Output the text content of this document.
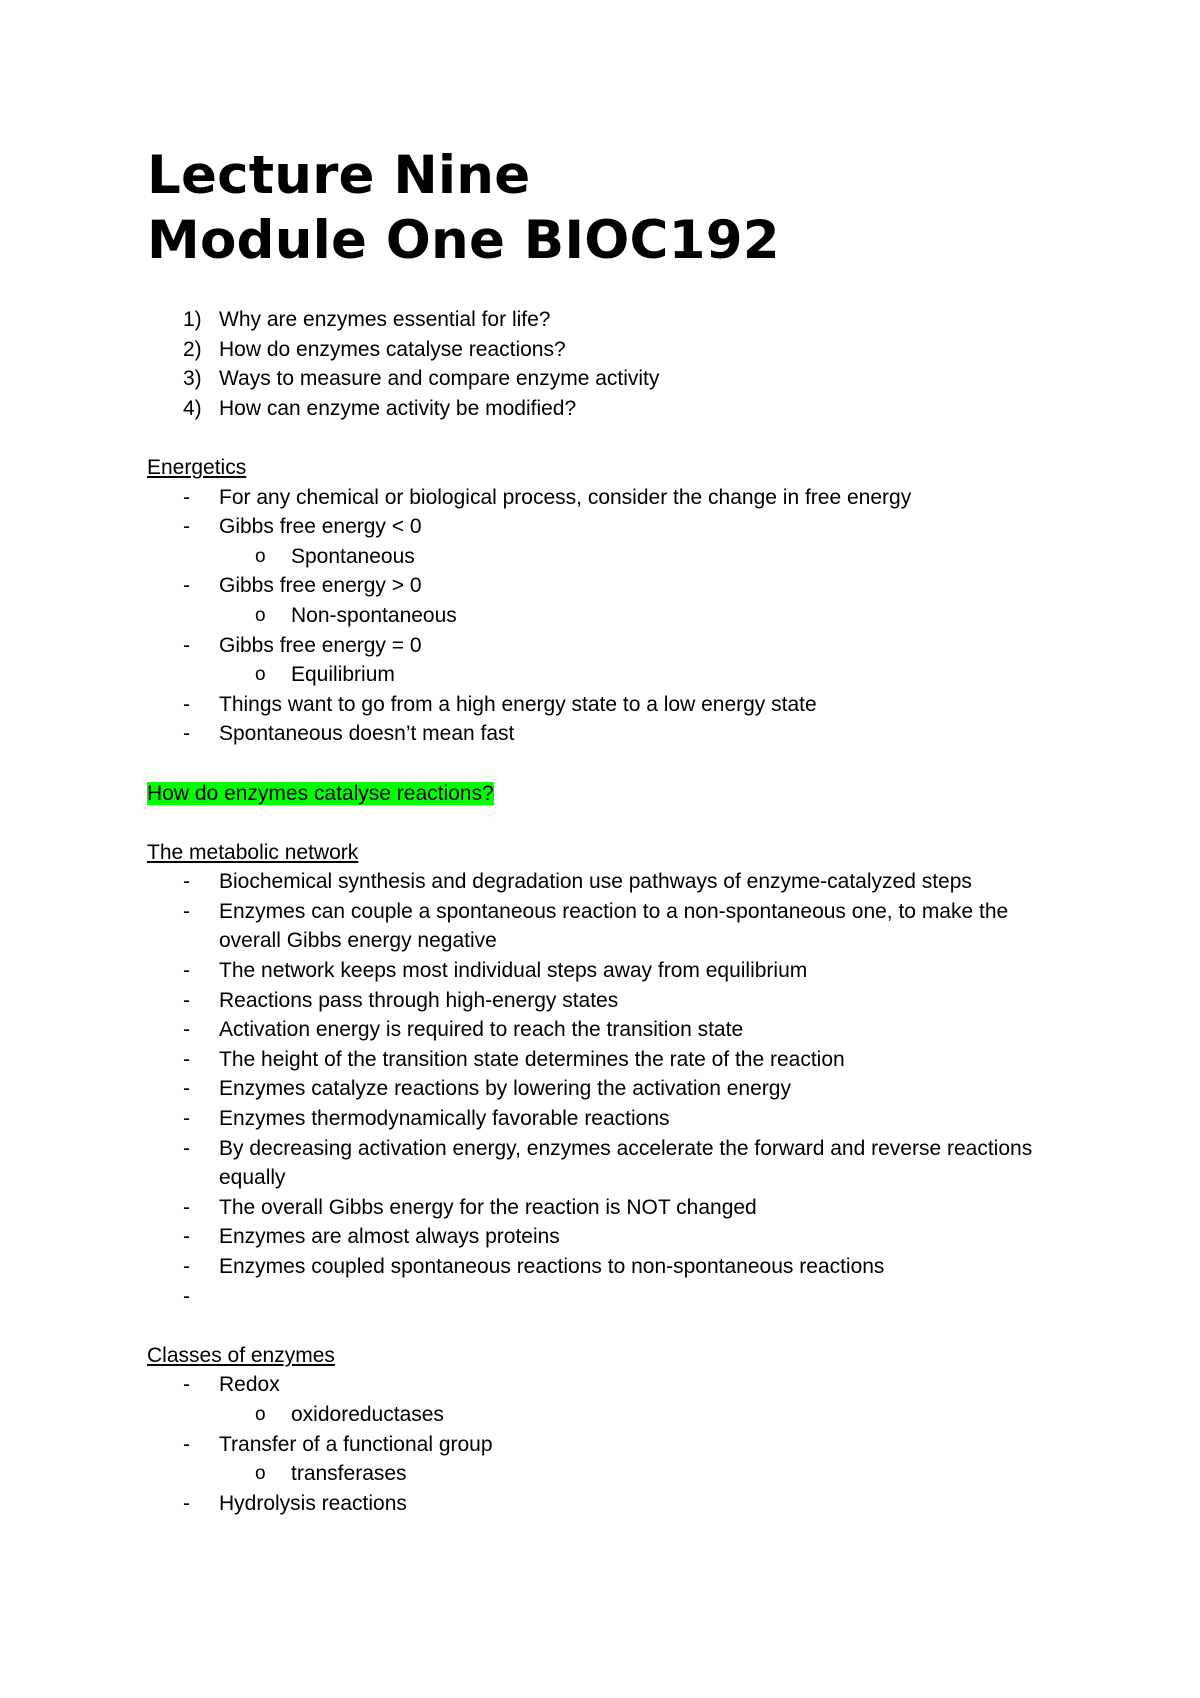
Lecture Nine
Module One BIOC192
1) Why are enzymes essential for life?
2) How do enzymes catalyse reactions?
3) Ways to measure and compare enzyme activity
4) How can enzyme activity be modified?
Energetics
- For any chemical or biological process, consider the change in free energy
- Gibbs free energy < 0
o Spontaneous
- Gibbs free energy > 0
o Non-spontaneous
- Gibbs free energy = 0
o Equilibrium
- Things want to go from a high energy state to a low energy state
- Spontaneous doesn’t mean fast
How do enzymes catalyse reactions?
The metabolic network
- Biochemical synthesis and degradation use pathways of enzyme-catalyzed steps
- Enzymes can couple a spontaneous reaction to a non-spontaneous one, to make the overall Gibbs energy negative
- The network keeps most individual steps away from equilibrium
- Reactions pass through high-energy states
- Activation energy is required to reach the transition state
- The height of the transition state determines the rate of the reaction
- Enzymes catalyze reactions by lowering the activation energy
- Enzymes thermodynamically favorable reactions
- By decreasing activation energy, enzymes accelerate the forward and reverse reactions equally
- The overall Gibbs energy for the reaction is NOT changed
- Enzymes are almost always proteins
- Enzymes coupled spontaneous reactions to non-spontaneous reactions
-

Classes of enzymes
- Redox
o oxidoreductases
- Transfer of a functional group
o transferases
- Hydrolysis reactions
